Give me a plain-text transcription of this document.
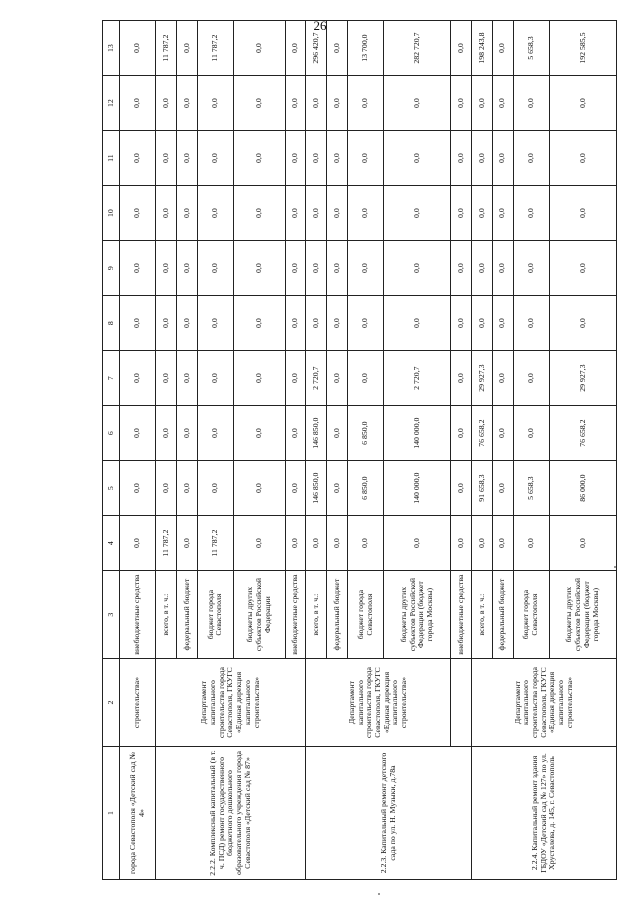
26
1	2	3	4	5	6	7	8	9	10	11	12	13
города Севастополя «Детский сад № 4»	строительства»	внебюджетные средства	0,0	0,0	0,0	0,0	0,0	0,0	0,0	0,0	0,0	0,0
2.2.2. Комплексный капитальный (в т. ч. ПСД) ремонт государственного бюджетного дошкольного образовательного учреждения города Севастополя «Детский сад № 87»	Департамент капитального строительства города Севастополя, ГКУГС «Единая дирекция капитального строительства»	всего, в т. ч.:	11 787,2	0,0	0,0	0,0	0,0	0,0	0,0	0,0	0,0	11 787,2
		федеральный бюджет	0,0	0,0	0,0	0,0	0,0	0,0	0,0	0,0	0,0	0,0
		бюджет города Севастополя	11 787,2	0,0	0,0	0,0	0,0	0,0	0,0	0,0	0,0	11 787,2
		бюджеты других субъектов Российской Федерации	0,0	0,0	0,0	0,0	0,0	0,0	0,0	0,0	0,0	0,0
		внебюджетные средства	0,0	0,0	0,0	0,0	0,0	0,0	0,0	0,0	0,0	0,0
2.2.3. Капитальный ремонт детского сада по ул. Н. Музыки, д.78а	Департамент капитального строительства города Севастополя, ГКУГС «Единая дирекция капитального строительства»	всего, в т. ч.:	0,0	146 850,0	146 850,0	2 720,7	0,0	0,0	0,0	0,0	0,0	296 420,7
		федеральный бюджет	0,0	0,0	0,0	0,0	0,0	0,0	0,0	0,0	0,0	0,0
		бюджет города Севастополя	0,0	6 850,0	6 850,0	0,0	0,0	0,0	0,0	0,0	0,0	13 700,0
		бюджеты других субъектов Российской Федерации (бюджет города Москвы)	0,0	140 000,0	140 000,0	2 720,7	0,0	0,0	0,0	0,0	0,0	282 720,7
		внебюджетные средства	0,0	0,0	0,0	0,0	0,0	0,0	0,0	0,0	0,0	0,0
2.2.4. Капитальный ремонт здания ГБДОУ «Детский сад № 127» по ул. Хрусталева, д. 145, г. Севастополь	Департамент капитального строительства города Севастополя, ГКУГС «Единая дирекция капитального строительства»	всего, в т. ч.:	0,0	91 658,3	76 658,2	29 927,3	0,0	0,0	0,0	0,0	0,0	198 243,8
		федеральный бюджет	0,0	0,0	0,0	0,0	0,0	0,0	0,0	0,0	0,0	0,0
		бюджет города Севастополя	0,0	5 658,3	0,0	0,0	0,0	0,0	0,0	0,0	0,0	5 658,3
		бюджеты других субъектов Российской Федерации (бюджет города Москвы)	0,0	86 000,0	76 658,2	29 927,3	0,0	0,0	0,0	0,0	0,0	192 585,5
